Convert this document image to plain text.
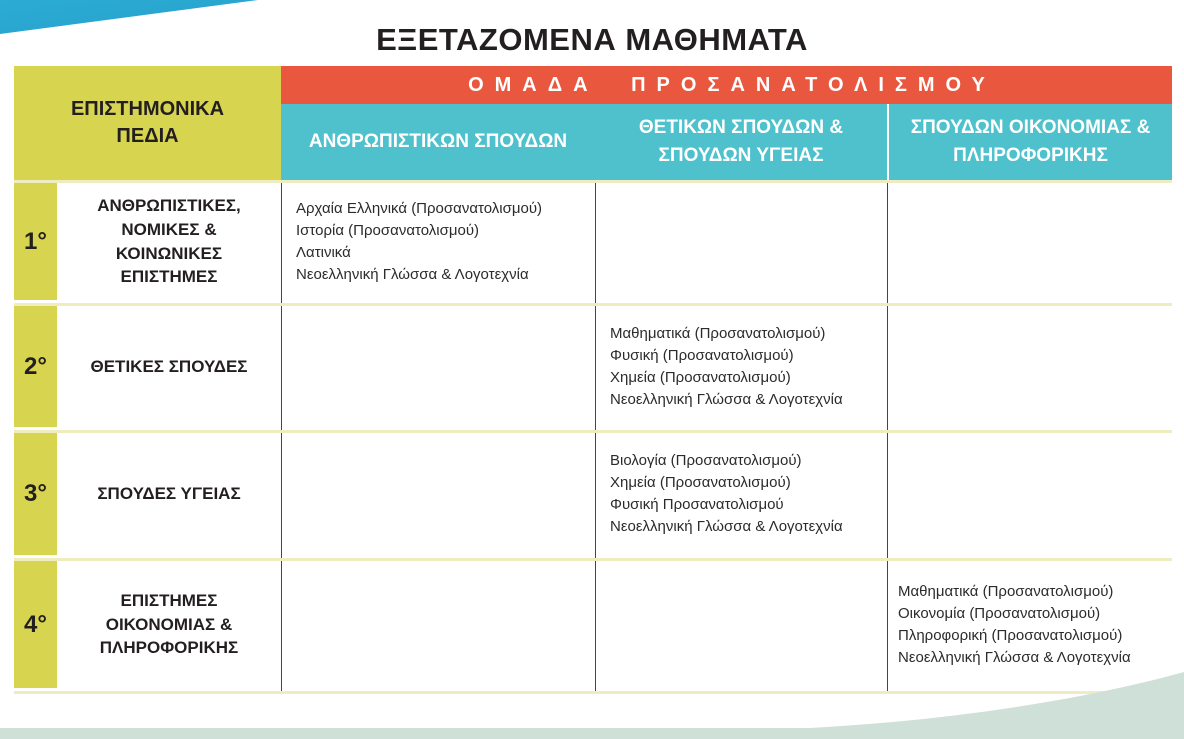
ΕΞΕΤΑΖΟΜΕΝΑ ΜΑΘΗΜΑΤΑ
ΕΠΙΣΤΗΜΟΝΙΚΑ ΠΕΔΙΑ
ΟΜΑΔΑ ΠΡΟΣΑΝΑΤΟΛΙΣΜΟΥ
ΑΝΘΡΩΠΙΣΤΙΚΩΝ ΣΠΟΥΔΩΝ
ΘΕΤΙΚΩΝ ΣΠΟΥΔΩΝ & ΣΠΟΥΔΩΝ ΥΓΕΙΑΣ
ΣΠΟΥΔΩΝ ΟΙΚΟΝΟΜΙΑΣ & ΠΛΗΡΟΦΟΡΙΚΗΣ
1°
2°
3°
4°
ΑΝΘΡΩΠΙΣΤΙΚΕΣ, ΝΟΜΙΚΕΣ & ΚΟΙΝΩΝΙΚΕΣ ΕΠΙΣΤΗΜΕΣ
ΘΕΤΙΚΕΣ ΣΠΟΥΔΕΣ
ΣΠΟΥΔΕΣ ΥΓΕΙΑΣ
ΕΠΙΣΤΗΜΕΣ ΟΙΚΟΝΟΜΙΑΣ & ΠΛΗΡΟΦΟΡΙΚΗΣ
Αρχαία Ελληνικά (Προσανατολισμού)
Ιστορία (Προσανατολισμού)
Λατινικά
Νεοελληνική Γλώσσα & Λογοτεχνία
Μαθηματικά (Προσανατολισμού)
Φυσική (Προσανατολισμού)
Χημεία (Προσανατολισμού)
Νεοελληνική Γλώσσα & Λογοτεχνία
Βιολογία (Προσανατολισμού)
Χημεία (Προσανατολισμού)
Φυσική Προσανατολισμού
Νεοελληνική Γλώσσα & Λογοτεχνία
Μαθηματικά (Προσανατολισμού)
Οικονομία (Προσανατολισμού)
Πληροφορική (Προσανατολισμού)
Νεοελληνική Γλώσσα & Λογοτεχνία
